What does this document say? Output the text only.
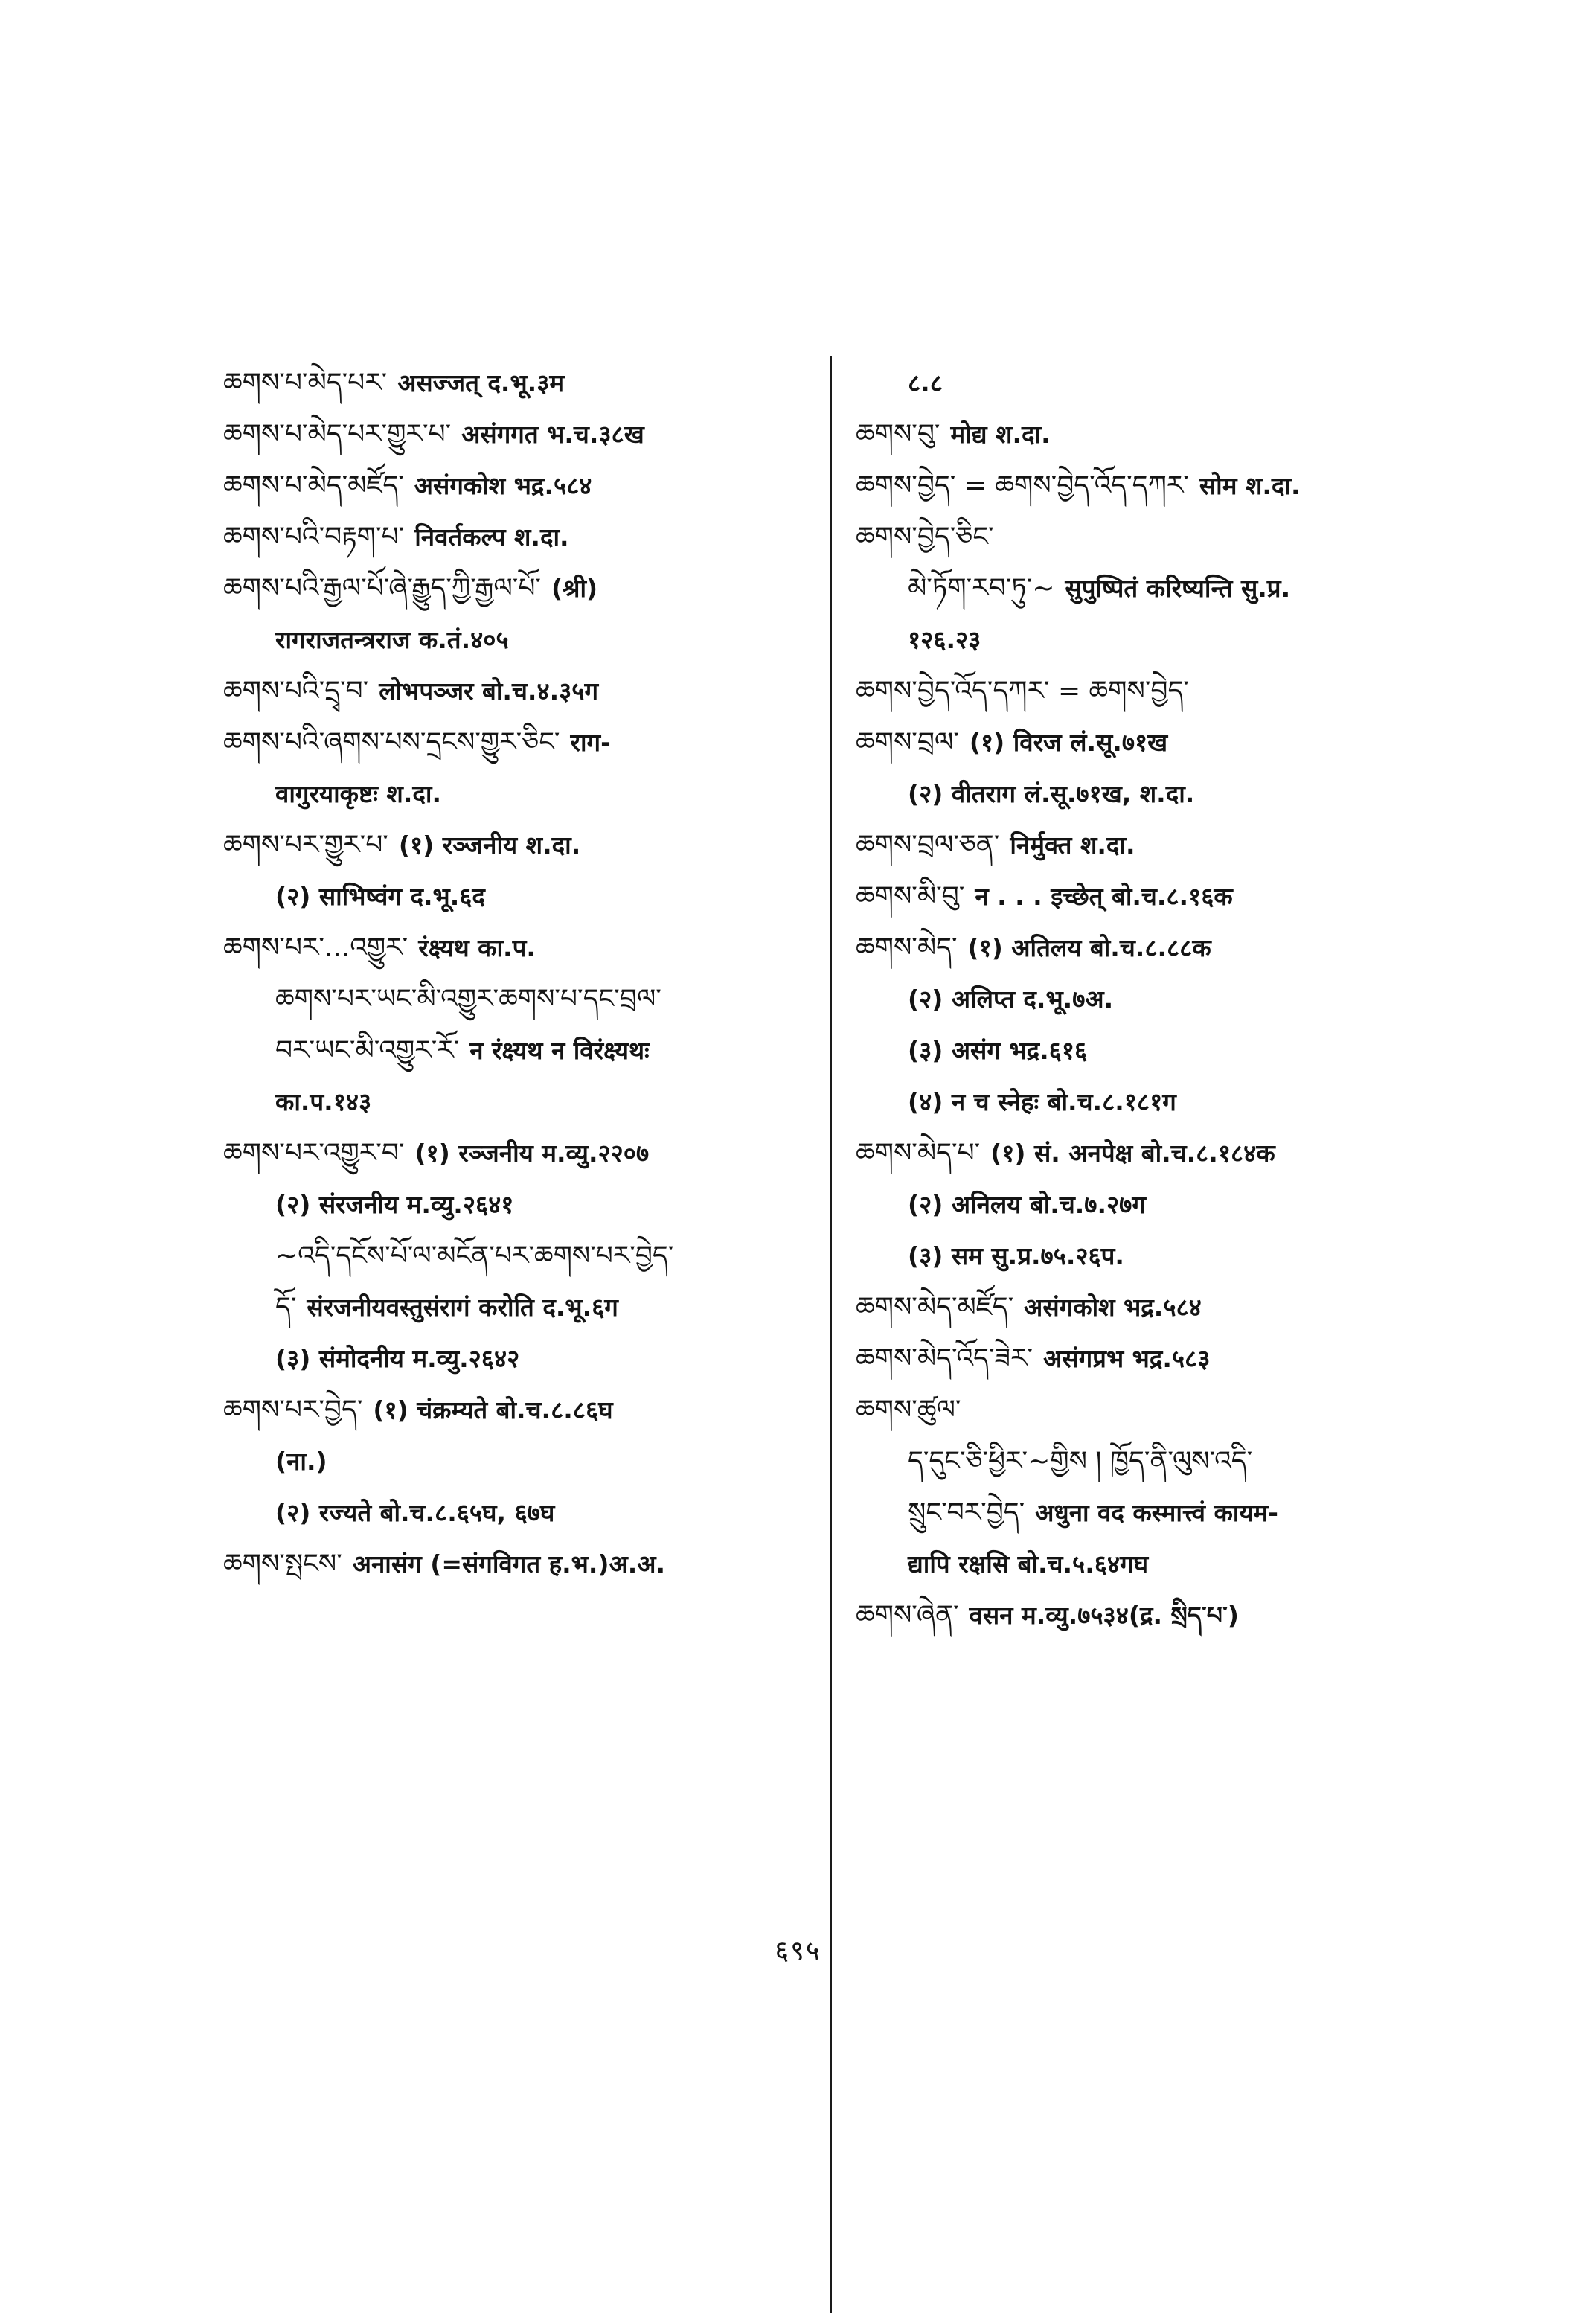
ཆགས་པ་མེད་པར་ असज्जत् द.भू.३म
ཆགས་པ་མེད་པར་གྱུར་པ་ असंगगत भ.च.३८ख
ཆགས་པ་མེད་མཛོད་ असंगकोश भद्र.५८४
ཆགས་པའི་བརྟག་པ་ निवर्तकल्प श.दा.
ཆགས་པའི་རྒྱལ་པོ་ཞེ་རྒྱུད་ཀྱི་རྒྱལ་པོ་ (श्री)
रागराजतन्त्रराज क.तं.४०५
ཆགས་པའི་དྲྭ་བ་ लोभपञ्जर बो.च.४.३५ग
ཆགས་པའི་ཞགས་པས་དྲངས་གྱུར་ཅིང་ राग-
वागुरयाकृष्टः श.दा.
ཆགས་པར་གྱུར་པ་ (१) रञ्जनीय श.दा.
(२) साभिष्वंग द.भू.६द
ཆགས་པར་...འགྱུར་ रंक्ष्यथ का.प.
ཆགས་པར་ཡང་མི་འགྱུར་ཆགས་པ་དང་བྲལ་
བར་ཡང་མི་འགྱུར་རོ་ न रंक्ष्यथ न विरंक्ष्यथः
का.प.१४३
ཆགས་པར་འགྱུར་བ་ (१) रञ्जनीय म.व्यु.२२०७
(२) संरजनीय म.व्यु.२६४१
~འདི་དངོས་པོ་ལ་མངོན་པར་ཆགས་པར་བྱེད་
དོ་ संरजनीयवस्तुसंरागं करोति द.भू.६ग
(३) संमोदनीय म.व्यु.२६४२
ཆགས་པར་བྱེད་ (१) चंक्रम्यते बो.च.८.८६घ
(ना.)
(२) रज्यते बो.च.८.६५घ, ६७घ
ཆགས་སྤངས་ अनासंग (=संगविगत ह.भ.)अ.अ.
८.८
ཆགས་བུ་ मोद्य श.दा.
ཆགས་བྱེད་ = ཆགས་བྱེད་འོད་དཀར་ सोम श.दा.
ཆགས་བྱེད་ཅིང་
མེ་ཏོག་རབ་ཏུ་~ सुपुष्पितं करिष्यन्ति सु.प्र.
१२६.२३
ཆགས་བྱེད་འོད་དཀར་ = ཆགས་བྱེད་
ཆགས་བྲལ་ (१) विरज लं.सू.७१ख
(२) वीतराग लं.सू.७१ख, श.दा.
ཆགས་བྲལ་ཅན་ निर्मुक्त श.दा.
ཆགས་མི་བུ་ न . . . इच्छेत् बो.च.८.१६क
ཆགས་མེད་ (१) अतिलय बो.च.८.८८क
(२) अलिप्त द.भू.७अ.
(३) असंग भद्र.६१६
(४) न च स्नेहः बो.च.८.१८१ग
ཆགས་མེད་པ་ (१) सं. अनपेक्ष बो.च.८.१८४क
(२) अनिलय बो.च.७.२७ग
(३) सम सु.प्र.७५.२६प.
ཆགས་མེད་མཛོད་ असंगकोश भद्र.५८४
ཆགས་མེད་འོད་ཟེར་ असंगप्रभ भद्र.५८३
ཆགས་ཚུལ་
ད་དུང་ཅི་ཕྱིར་~གྱིས ། ཁྱོད་ནི་ལུས་འདི་
སྲུང་བར་བྱེད་ अधुना वद कस्मात्त्वं कायम-
द्यापि रक्षसि बो.च.५.६४गघ
ཆགས་ཞེན་ वसन म.व्यु.७५३४(द्र. སྲིད་པ་)
६९५
